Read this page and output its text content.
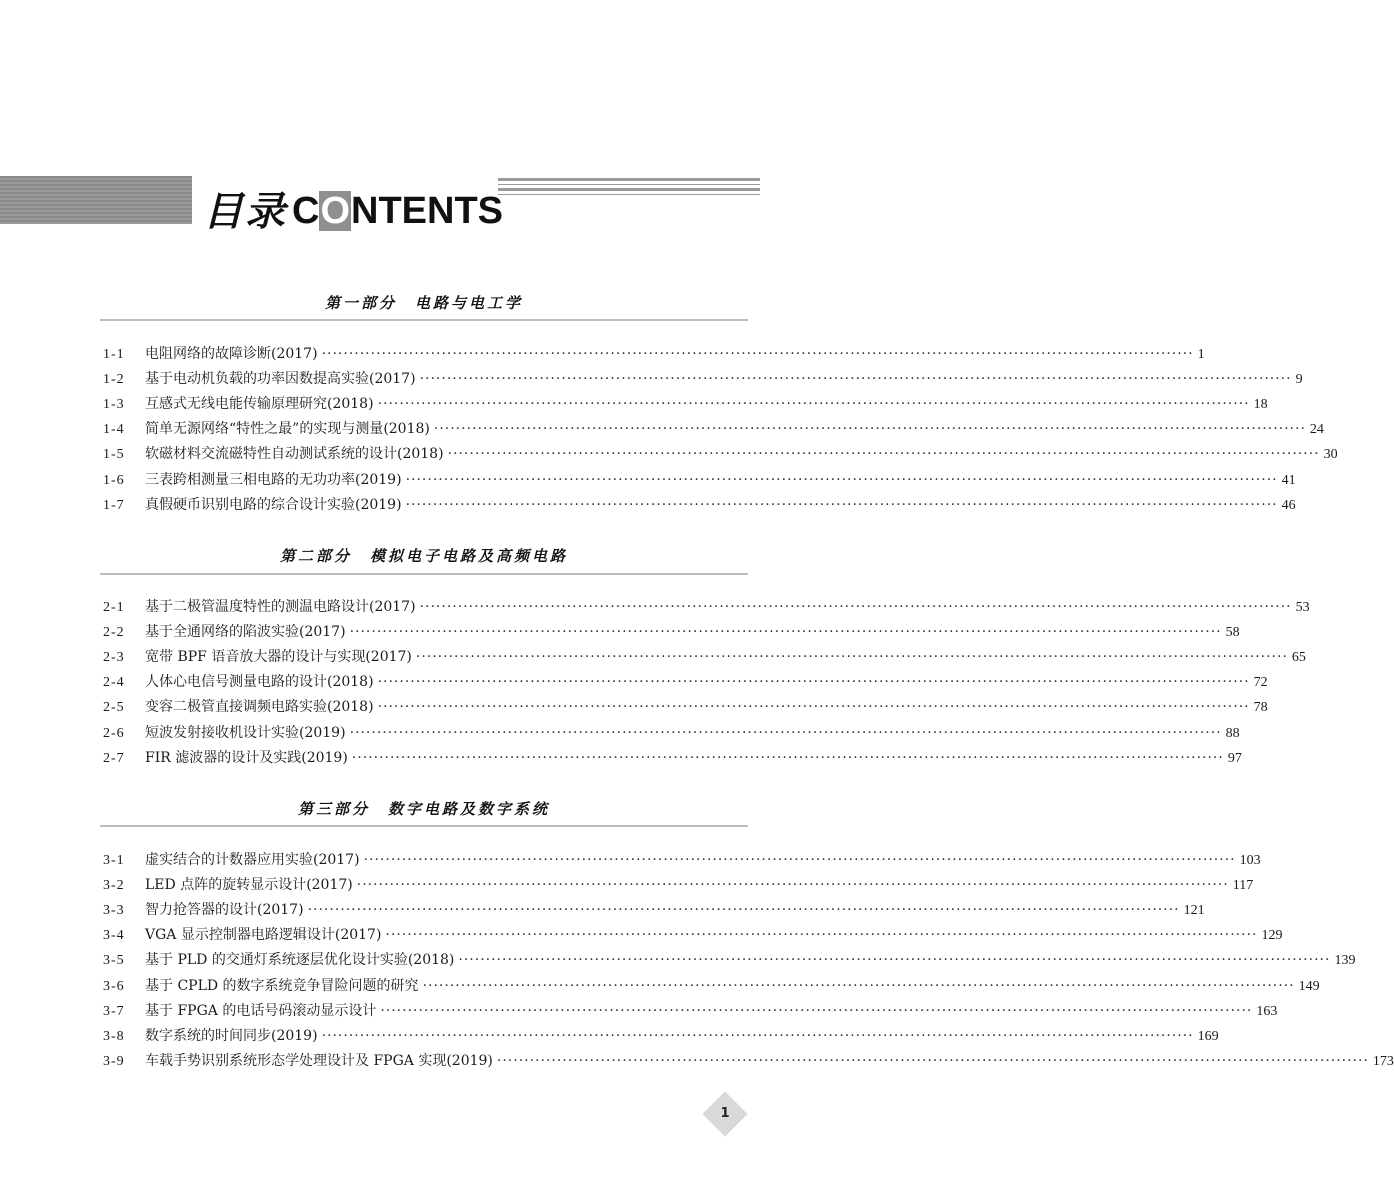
目录 CONTENTS
第一部分　电路与电工学
1-1	电阻网络的故障诊断(2017) ································································································································································ 1
1-2	基于电动机负载的功率因数提高实验(2017) ································································································································································ 9
1-3	互感式无线电能传输原理研究(2018) ································································································································································ 18
1-4	简单无源网络“特性之最”的实现与测量(2018) ································································································································································ 24
1-5	软磁材料交流磁特性自动测试系统的设计(2018) ································································································································································ 30
1-6	三表跨相测量三相电路的无功功率(2019) ································································································································································ 41
1-7	真假硬币识别电路的综合设计实验(2019) ································································································································································ 46
第二部分　模拟电子电路及高频电路
2-1	基于二极管温度特性的测温电路设计(2017) ································································································································································ 53
2-2	基于全通网络的陷波实验(2017) ································································································································································ 58
2-3	宽带 BPF 语音放大器的设计与实现(2017) ································································································································································ 65
2-4	人体心电信号测量电路的设计(2018) ································································································································································ 72
2-5	变容二极管直接调频电路实验(2018) ································································································································································ 78
2-6	短波发射接收机设计实验(2019) ································································································································································ 88
2-7	FIR 滤波器的设计及实践(2019) ································································································································································ 97
第三部分　数字电路及数字系统
3-1	虚实结合的计数器应用实验(2017) ································································································································································ 103
3-2	LED 点阵的旋转显示设计(2017) ································································································································································ 117
3-3	智力抢答器的设计(2017) ································································································································································ 121
3-4	VGA 显示控制器电路逻辑设计(2017) ································································································································································ 129
3-5	基于 PLD 的交通灯系统逐层优化设计实验(2018) ································································································································································ 139
3-6	基于 CPLD 的数字系统竞争冒险问题的研究 ································································································································································ 149
3-7	基于 FPGA 的电话号码滚动显示设计 ································································································································································ 163
3-8	数字系统的时间同步(2019) ································································································································································ 169
3-9	车载手势识别系统形态学处理设计及 FPGA 实现(2019) ································································································································································ 173
1
